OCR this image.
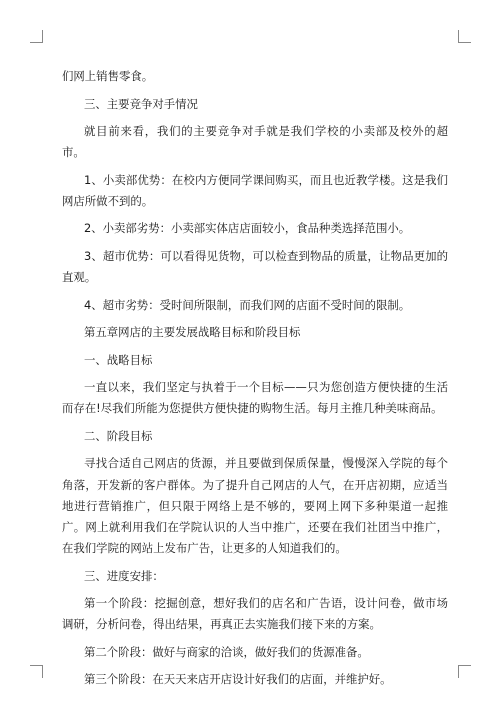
们网上销售零食。

三、主要竞争对手情况

就目前来看，我们的主要竞争对手就是我们学校的小卖部及校外的超市。

1、小卖部优势：在校内方便同学课间购买，而且也近教学楼。这是我们网店所做不到的。

2、小卖部劣势：小卖部实体店店面较小，食品种类选择范围小。

3、超市优势：可以看得见货物，可以检查到物品的质量，让物品更加的直观。

4、超市劣势：受时间所限制，而我们网的店面不受时间的限制。

第五章网店的主要发展战略目标和阶段目标

一、战略目标

一直以来，我们坚定与执着于一个目标——只为您创造方便快捷的生活而存在!尽我们所能为您提供方便快捷的购物生活。每月主推几种美味商品。

二、阶段目标

寻找合适自己网店的货源，并且要做到保质保量，慢慢深入学院的每个角落，开发新的客户群体。为了提升自己网店的人气，在开店初期，应适当地进行营销推广，但只限于网络上是不够的，要网上网下多种渠道一起推广。网上就利用我们在学院认识的人当中推广，还要在我们社团当中推广，在我们学院的网站上发布广告，让更多的人知道我们的。

三、进度安排：

第一个阶段：挖掘创意，想好我们的店名和广告语，设计问卷，做市场调研，分析问卷，得出结果，再真正去实施我们接下来的方案。

第二个阶段：做好与商家的洽谈，做好我们的货源准备。

第三个阶段：在天天来店开店设计好我们的店面，并维护好。
